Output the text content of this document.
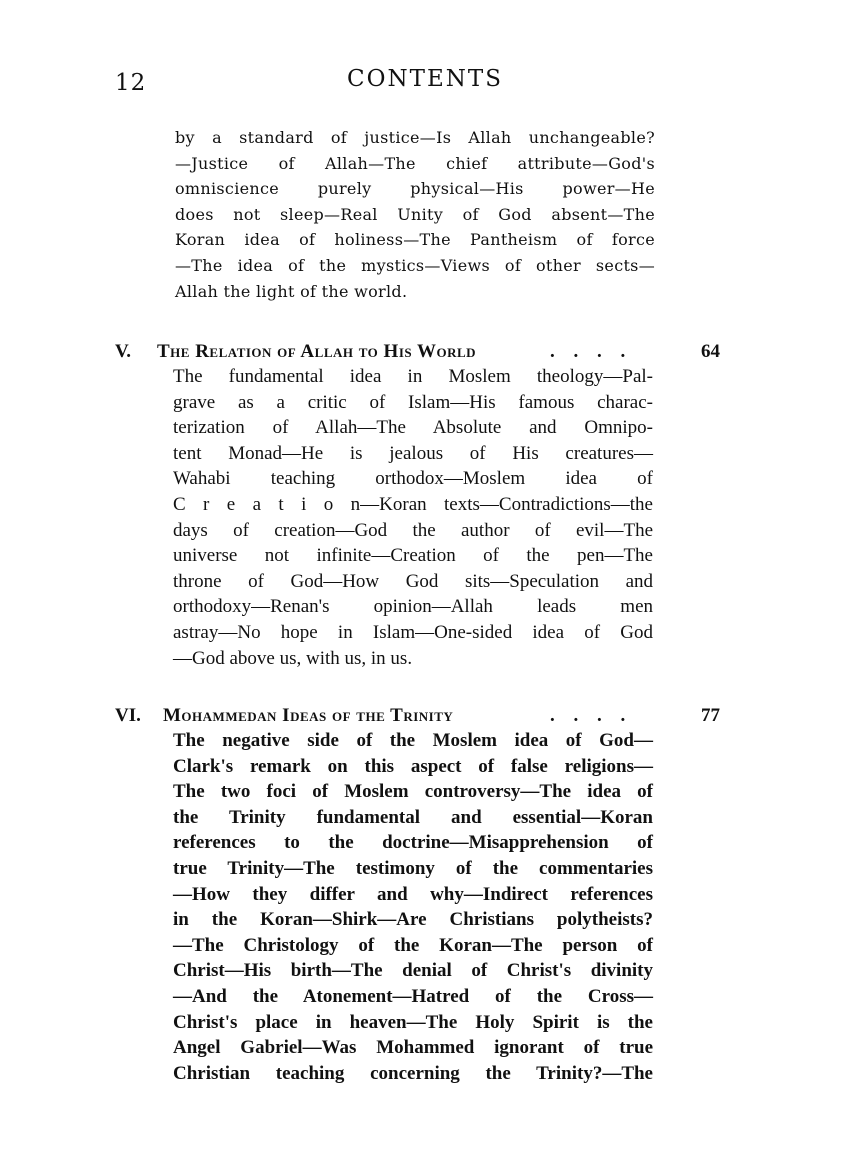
12	CONTENTS
by a standard of justice—Is Allah unchangeable?
—Justice of Allah—The chief attribute—God's
omniscience purely physical—His power—He
does not sleep—Real Unity of God absent—The
Koran idea of holiness—The Pantheism of force
—The idea of the mystics—Views of other sects—
Allah the light of the world.
V. The Relation of Allah to His World	. . . .	64
The fundamental idea in Moslem theology—Pal-
grave as a critic of Islam—His famous charac-
terization of Allah—The Absolute and Omnipo-
tent Monad—He is jealous of His creatures—
Wahabi teaching orthodox—Moslem idea of
C r e a t i o n—Koran texts—Contradictions—the
days of creation—God the author of evil—The
universe not infinite—Creation of the pen—The
throne of God—How God sits—Speculation and
orthodoxy—Renan's opinion—Allah leads men
astray—No hope in Islam—One-sided idea of God
—God above us, with us, in us.
VI. Mohammedan Ideas of the Trinity	. . . .	77
The negative side of the Moslem idea of God—
Clark's remark on this aspect of false religions—
The two foci of Moslem controversy—The idea of
the Trinity fundamental and essential—Koran
references to the doctrine—Misapprehension of
true Trinity—The testimony of the commentaries
—How they differ and why—Indirect references
in the Koran—Shirk—Are Christians polytheists?
—The Christology of the Koran—The person of
Christ—His birth—The denial of Christ's divinity
—And the Atonement—Hatred of the Cross—
Christ's place in heaven—The Holy Spirit is the
Angel Gabriel—Was Mohammed ignorant of true
Christian teaching concerning the Trinity?—The
